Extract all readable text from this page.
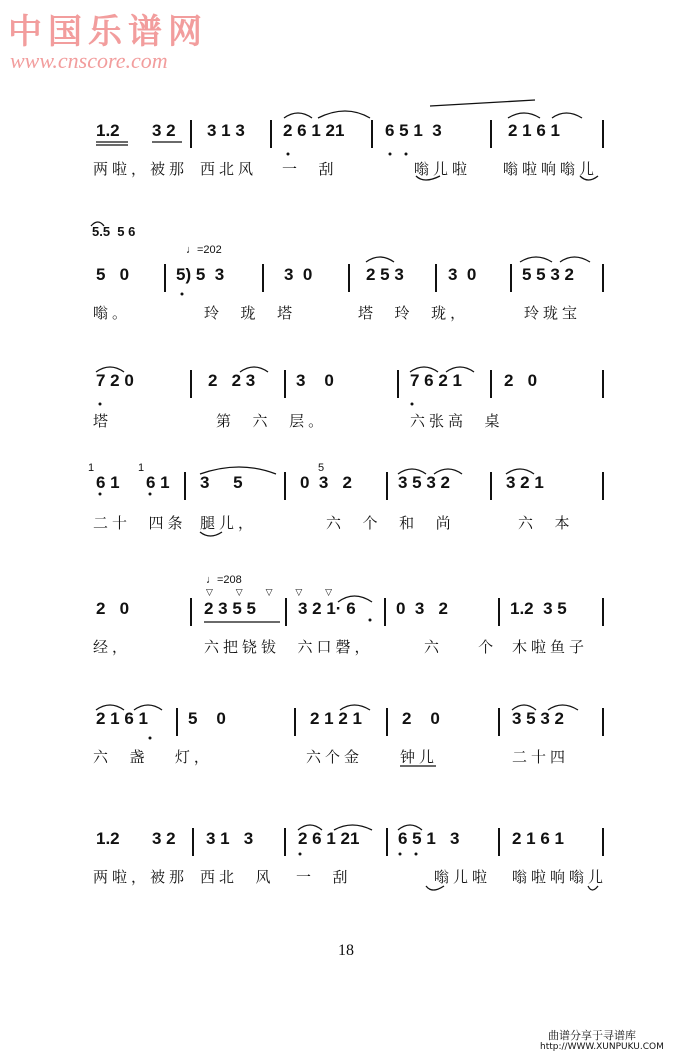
中国乐谱网
www.cnscore.com
1.2 3 2 3 1 3 2 6 1 21 6 5 1  3	2 1 6 1
两啦，被那 西北风 一  刮	嗡儿啦 嗡啦响嗡儿
5.5  5 6
♩=202
5   0	5) 5  3	3  0	2 5 3	3  0	5 5 3 2
嗡。	玲  珑  塔	塔  玲  珑，	玲珑宝
7 2 0	2   2 3 3    0	7 6 2 1 2   0
塔	第  六  层。	六张高  桌
1
6 1
1
6 1 3     5
5
0  3   2	3 5 3 2	3 2 1
二十  四条 腿儿，	六  个  和  尚	六  本
♩=208
▽ ▽ ▽ ▽ ▽
2   0	2 3 5 5 3 2 1· 6 0  3   2	1.2  3 5
经，	六把铙钹  六口磬，	六    个 木啦鱼子
2 1 6 1 5    0	2 1 2 1 2    0	3 5 3 2
六  盏   灯，	六个金 钟儿	二十四
1.2 3 2 3 1   3	2 6 1 21 6 5 1   3	2 1 6 1
两啦，被那 西北  风 一  刮	嗡儿啦 嗡啦响嗡儿
18
曲谱分享于寻谱库
http://WWW.XUNPUKU.COM
